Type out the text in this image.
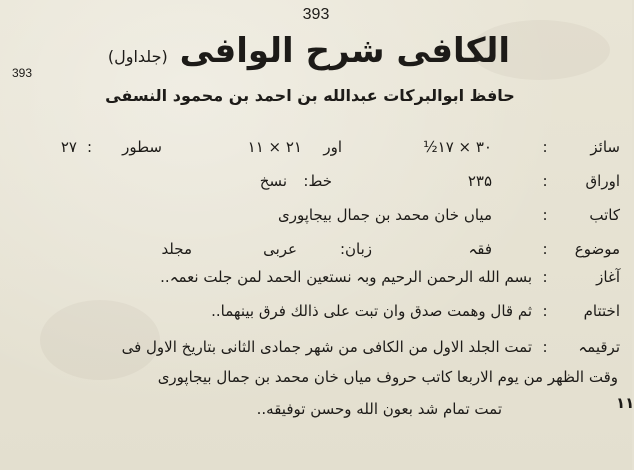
393
393
الکافی شرح الوافی (جلداول)
حافظ ابوالبرکات عبدالله بن احمد بن محمود النسفی
سائز
:
۳۰ × ۱۷½
اور
۲۱ × ۱۱
سطور
:
۲۷
اوراق
:
۲۳۵
خط:
نسخ
کاتب
:
میاں خان محمد بن جمال بیجاپوری
موضوع
:
فقہ
زبان:
عربی
مجلد
آغاز
:
بسم الله الرحمن الرحیم وبہ نستعین الحمد لمن جلت نعمہ..
اختتام
:
ثم قال وھمت صدق وان تبت علی ذالك فرق بینهما..
ترقیمہ
:
تمت الجلد الاول من الکافی من شهر جمادی الثانی بتاریخ الاول فی
وقت الظهر من یوم الاربعا کاتب حروف میاں خان محمد بن جمال بیجاپوری
تمت تمام شد بعون الله وحسن توفیقه..	۱۱
